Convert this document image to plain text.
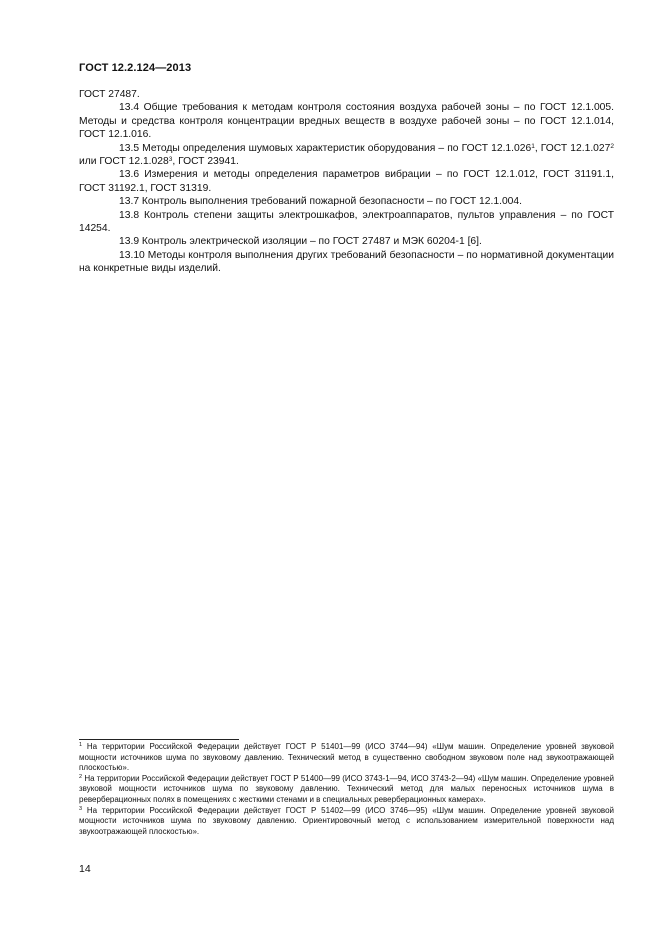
ГОСТ 12.2.124—2013
ГОСТ 27487.
13.4 Общие требования к методам контроля состояния воздуха рабочей зоны – по ГОСТ 12.1.005. Методы и средства контроля концентрации вредных веществ в воздухе рабочей зоны – по ГОСТ 12.1.014, ГОСТ 12.1.016.
13.5 Методы определения шумовых характеристик оборудования – по ГОСТ 12.1.026$^1$, ГОСТ 12.1.027$^2$ или ГОСТ 12.1.028$^3$, ГОСТ 23941.
13.6 Измерения и методы определения параметров вибрации – по ГОСТ 12.1.012, ГОСТ 31191.1, ГОСТ 31192.1, ГОСТ 31319.
13.7 Контроль выполнения требований пожарной безопасности – по ГОСТ 12.1.004.
13.8 Контроль степени защиты электрошкафов, электроаппаратов, пультов управления – по ГОСТ 14254.
13.9 Контроль электрической изоляции – по ГОСТ 27487 и МЭК 60204-1 [6].
13.10 Методы контроля выполнения других требований безопасности – по нормативной документации на конкретные виды изделий.
$^1$ На территории Российской Федерации действует ГОСТ Р 51401—99 (ИСО 3744—94) «Шум машин. Определение уровней звуковой мощности источников шума по звуковому давлению. Технический метод в существенно свободном звуковом поле над звукоотражающей плоскостью».
$^2$ На территории Российской Федерации действует ГОСТ Р 51400—99 (ИСО 3743-1—94, ИСО 3743-2—94) «Шум машин. Определение уровней звуковой мощности источников шума по звуковому давлению. Технический метод для малых переносных источников шума в реверберационных полях в помещениях с жесткими стенами и в специальных реверберационных камерах».
$^3$ На территории Российской Федерации действует ГОСТ Р 51402—99 (ИСО 3746—95) «Шум машин. Определение уровней звуковой мощности источников шума по звуковому давлению. Ориентировочный метод с использованием измерительной поверхности над звукоотражающей плоскостью».
14
